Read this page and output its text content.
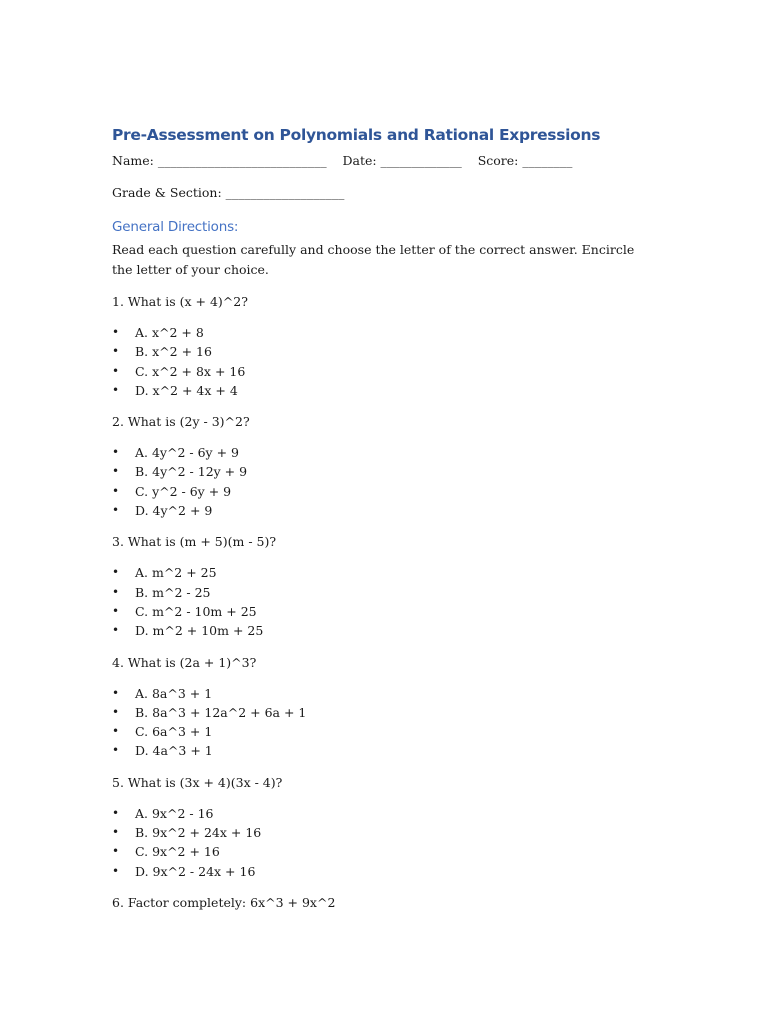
Pre-Assessment on Polynomials and Rational Expressions
Name: ___________________________    Date: _____________    Score: ________
Grade & Section: ___________________
General Directions:
Read each question carefully and choose the letter of the correct answer. Encircle the letter of your choice.
1. What is (x + 4)^2?
• A. x^2 + 8
• B. x^2 + 16
• C. x^2 + 8x + 16
• D. x^2 + 4x + 4
2. What is (2y - 3)^2?
• A. 4y^2 - 6y + 9
• B. 4y^2 - 12y + 9
• C. y^2 - 6y + 9
• D. 4y^2 + 9
3. What is (m + 5)(m - 5)?
• A. m^2 + 25
• B. m^2 - 25
• C. m^2 - 10m + 25
• D. m^2 + 10m + 25
4. What is (2a + 1)^3?
• A. 8a^3 + 1
• B. 8a^3 + 12a^2 + 6a + 1
• C. 6a^3 + 1
• D. 4a^3 + 1
5. What is (3x + 4)(3x - 4)?
• A. 9x^2 - 16
• B. 9x^2 + 24x + 16
• C. 9x^2 + 16
• D. 9x^2 - 24x + 16
6. Factor completely: 6x^3 + 9x^2
